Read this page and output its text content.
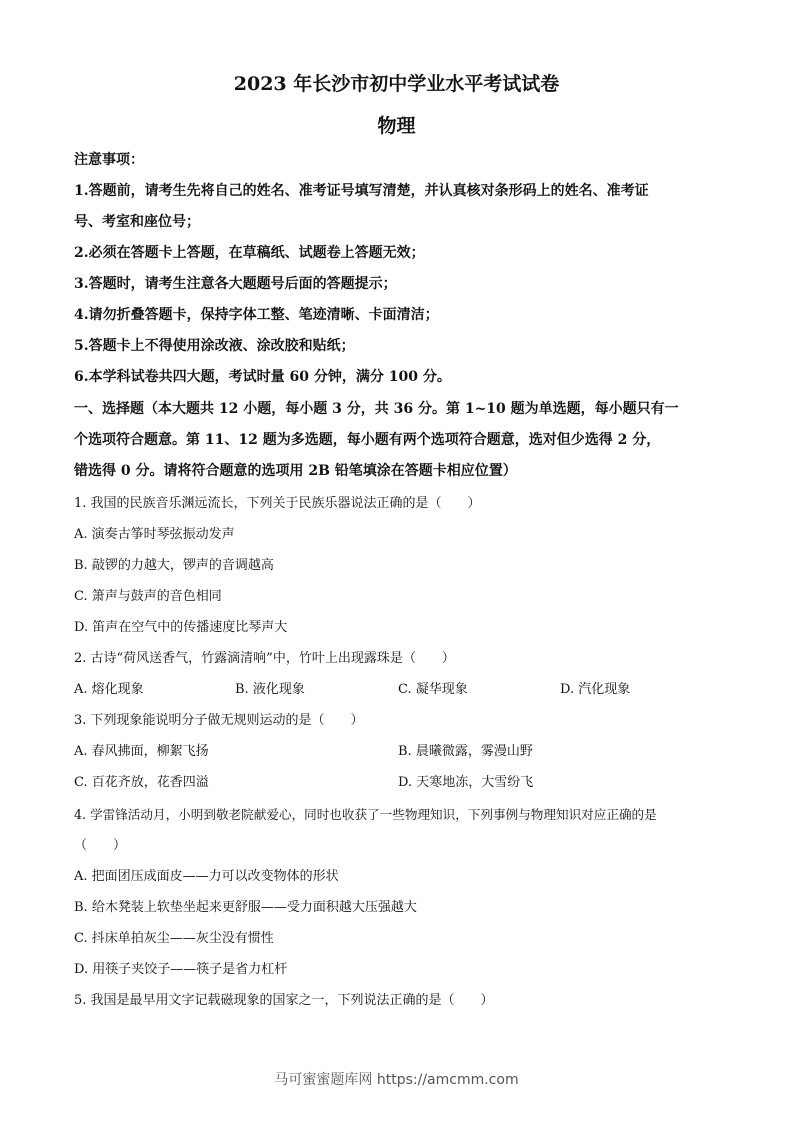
2023 年长沙市初中学业水平考试试卷
物理
注意事项：
1.答题前，请考生先将自己的姓名、准考证号填写清楚，并认真核对条形码上的姓名、准考证
号、考室和座位号；
2.必须在答题卡上答题，在草稿纸、试题卷上答题无效；
3.答题时，请考生注意各大题题号后面的答题提示；
4.请勿折叠答题卡，保持字体工整、笔迹清晰、卡面清洁；
5.答题卡上不得使用涂改液、涂改胶和贴纸；
6.本学科试卷共四大题，考试时量 60 分钟，满分 100 分。
一、选择题（本大题共 12 小题，每小题 3 分，共 36 分。第 1~10 题为单选题，每小题只有一
个选项符合题意。第 11、12 题为多选题，每小题有两个选项符合题意，选对但少选得 2 分，
错选得 0 分。请将符合题意的选项用 2B 铅笔填涂在答题卡相应位置）
1. 我国的民族音乐渊远流长，下列关于民族乐器说法正确的是（　　）
A. 演奏古筝时琴弦振动发声
B. 敲锣的力越大，锣声的音调越高
C. 箫声与鼓声的音色相同
D. 笛声在空气中的传播速度比琴声大
2. 古诗“荷风送香气，竹露滴清响”中，竹叶上出现露珠是（　　）
A. 熔化现象	B. 液化现象	C. 凝华现象	D. 汽化现象
3. 下列现象能说明分子做无规则运动的是（　　）
A. 春风拂面，柳絮飞扬	B. 晨曦微露，雾漫山野
C. 百花齐放，花香四溢	D. 天寒地冻，大雪纷飞
4. 学雷锋活动月，小明到敬老院献爱心，同时也收获了一些物理知识，下列事例与物理知识对应正确的是
（　　）
A. 把面团压成面皮——力可以改变物体的形状
B. 给木凳装上软垫坐起来更舒服——受力面积越大压强越大
C. 抖床单拍灰尘——灰尘没有惯性
D. 用筷子夹饺子——筷子是省力杠杆
5. 我国是最早用文字记载磁现象的国家之一，下列说法正确的是（　　）
马可蜜蜜题库网 https://amcmm.com
